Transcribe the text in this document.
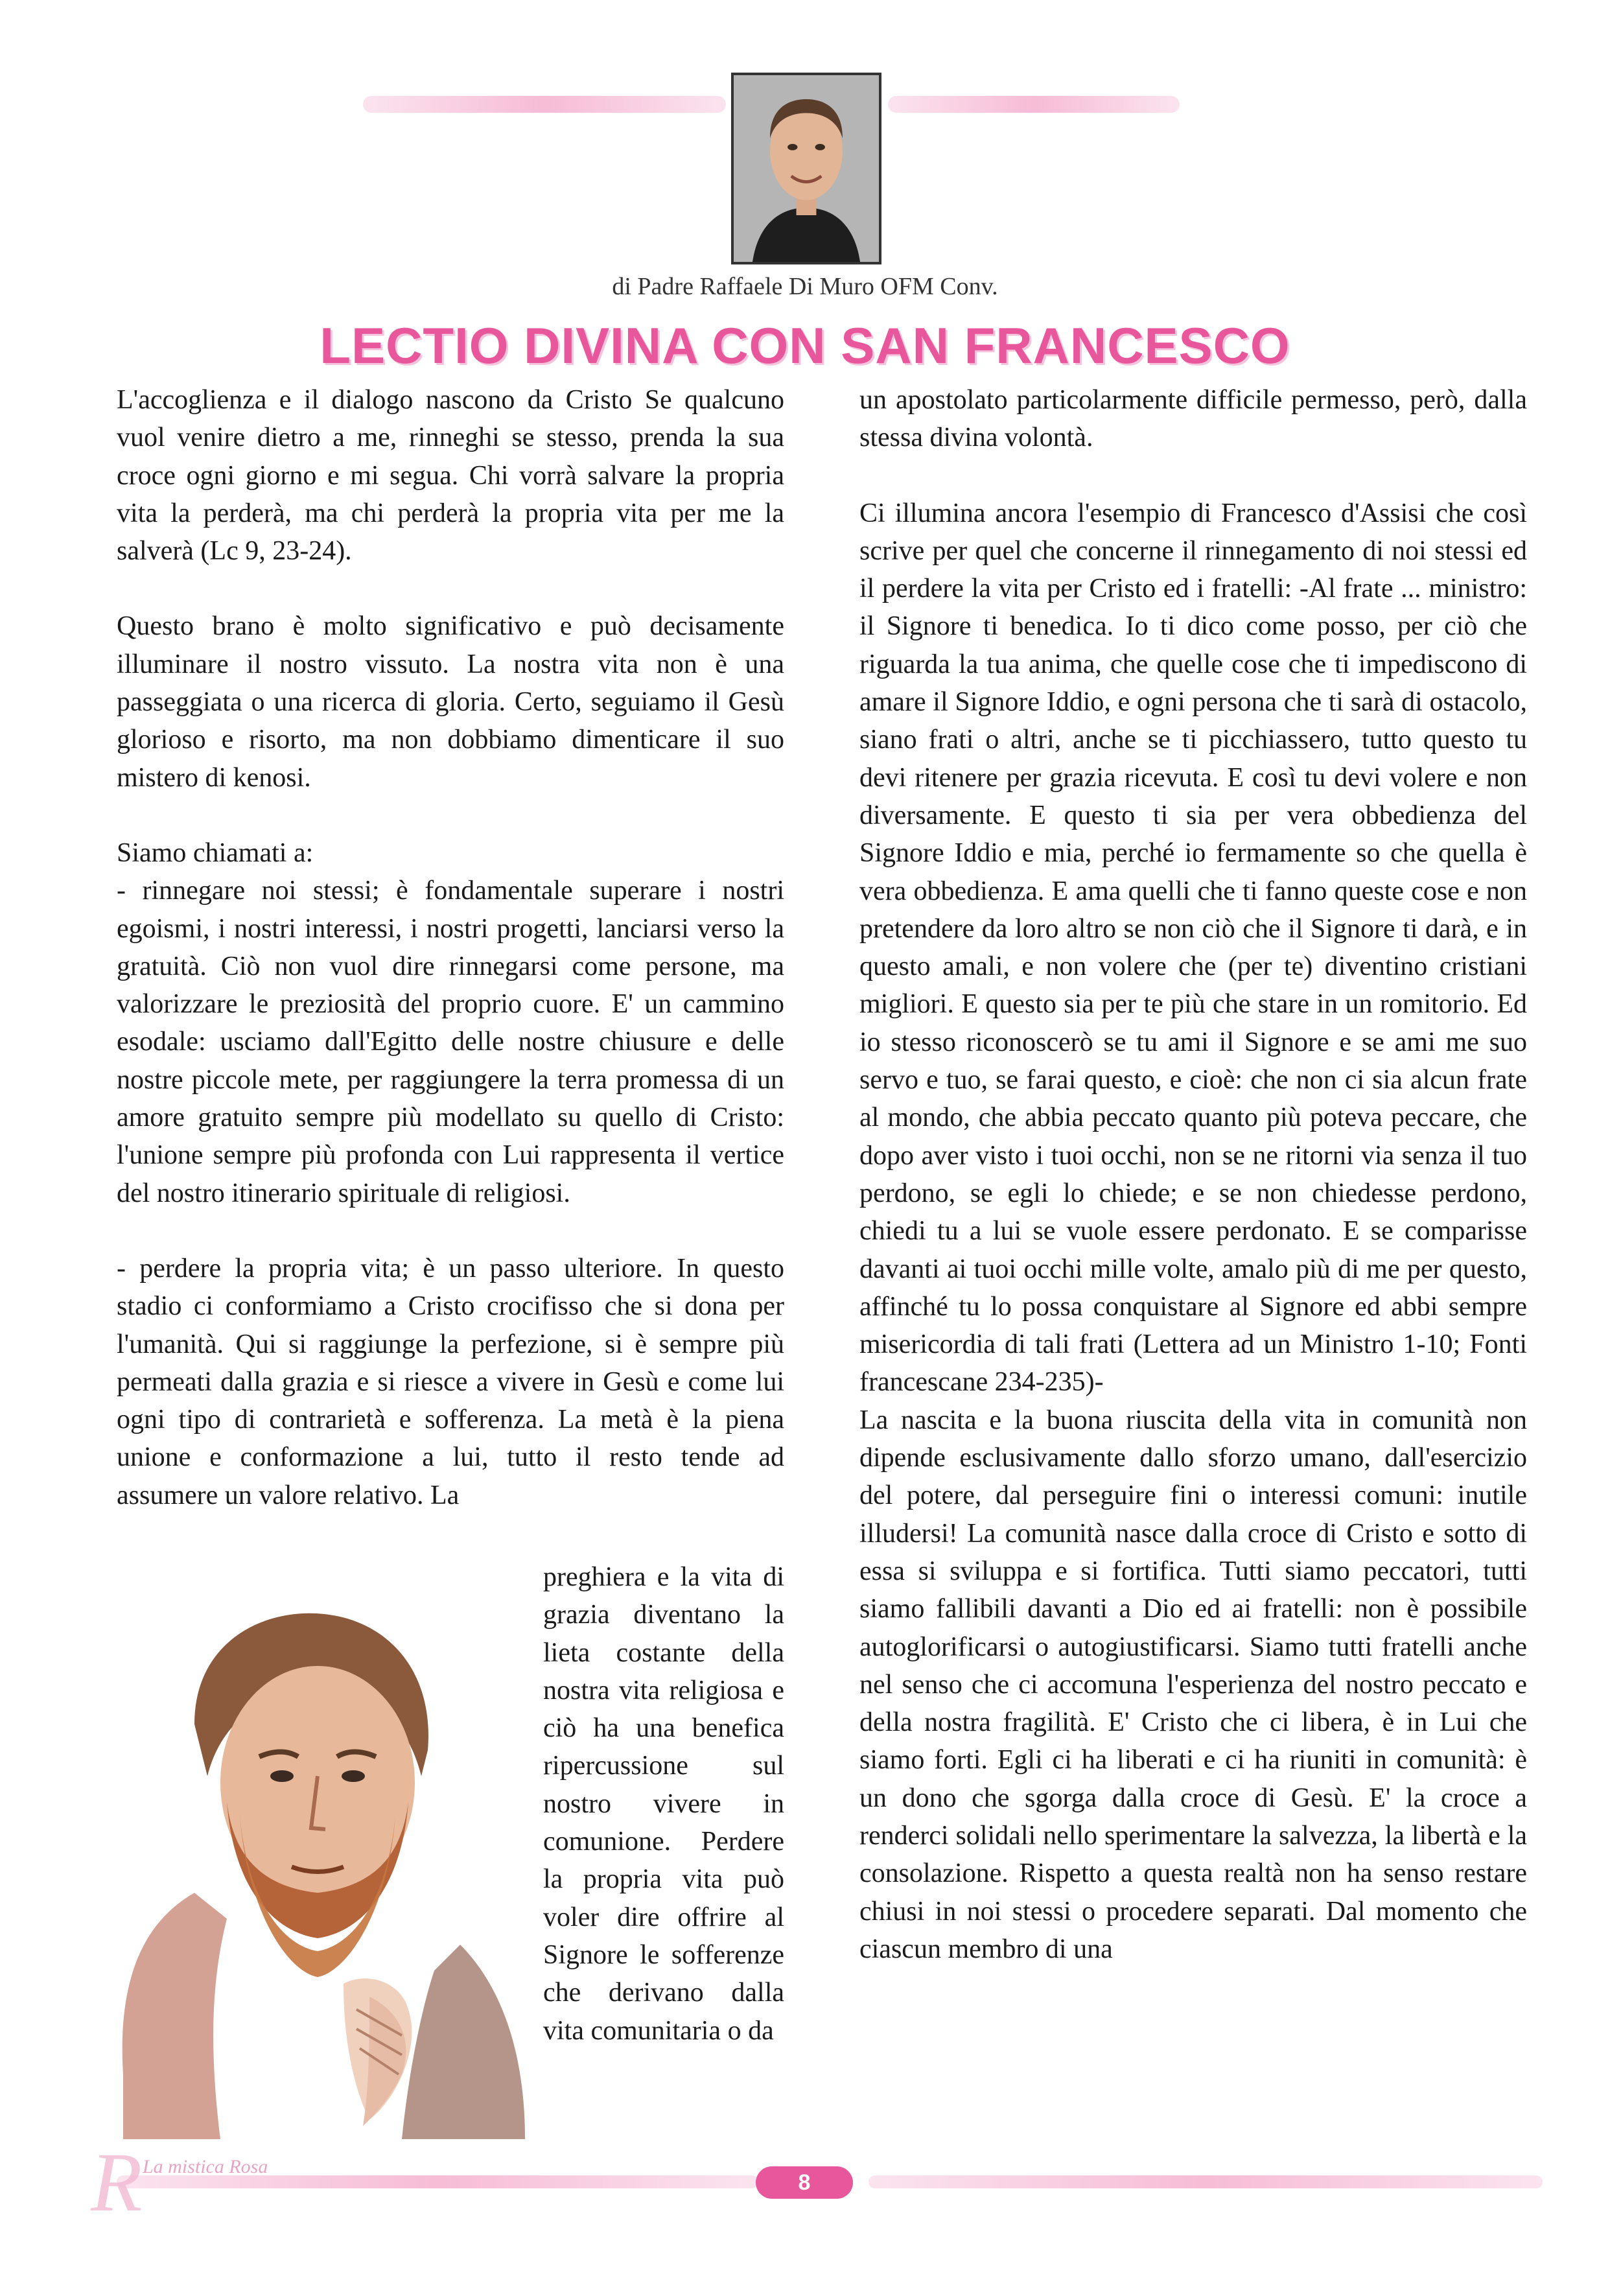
di Padre Raffaele Di Muro OFM Conv.
LECTIO DIVINA CON SAN FRANCESCO

L'accoglienza e il dialogo nascono da Cristo Se qualcuno vuol venire dietro a me, rinneghi se stesso, prenda la sua croce ogni giorno e mi segua. Chi vorrà salvare la propria vita la perderà, ma chi perderà la propria vita per me la salverà (Lc 9, 23-24).

Questo brano è molto significativo e può decisamente illuminare il nostro vissuto. La nostra vita non è una passeggiata o una ricerca di gloria. Certo, seguiamo il Gesù glorioso e risorto, ma non dobbiamo dimenticare il suo mistero di kenosi.

Siamo chiamati a:

- rinnegare noi stessi; è fondamentale superare i nostri egoismi, i nostri interessi, i nostri progetti, lanciarsi verso la gratuità. Ciò non vuol dire rinnegarsi come persone, ma valorizzare le preziosità del proprio cuore. E' un cammino esodale: usciamo dall'Egitto delle nostre chiusure e delle nostre piccole mete, per raggiungere la terra promessa di un amore gratuito sempre più modellato su quello di Cristo: l'unione sempre più profonda con Lui rappresenta il vertice del nostro itinerario spirituale di religiosi.

- perdere la propria vita; è un passo ulteriore. In questo stadio ci conformiamo a Cristo crocifisso che si dona per l'umanità. Qui si raggiunge la perfezione, si è sempre più permeati dalla grazia e si riesce a vivere in Gesù e come lui ogni tipo di contrarietà e sofferenza. La metà è la piena unione e conformazione a lui, tutto il resto tende ad assumere un valore relativo. La

preghiera e la vita di grazia diventano la lieta costante della nostra vita religiosa e ciò ha una benefica ripercussione sul nostro vivere in comunione. Perdere la propria vita può voler dire offrire al Signore le sofferenze che derivano dalla vita comunitaria o da

un apostolato particolarmente difficile permesso, però, dalla stessa divina volontà.

Ci illumina ancora l'esempio di Francesco d'Assisi che così scrive per quel che concerne il rinnegamento di noi stessi ed il perdere la vita per Cristo ed i fratelli: -Al frate ... ministro: il Signore ti benedica. Io ti dico come posso, per ciò che riguarda la tua anima, che quelle cose che ti impediscono di amare il Signore Iddio, e ogni persona che ti sarà di ostacolo, siano frati o altri, anche se ti picchiassero, tutto questo tu devi ritenere per grazia ricevuta. E così tu devi volere e non diversamente. E questo ti sia per vera obbedienza del Signore Iddio e mia, perché io fermamente so che quella è vera obbedienza. E ama quelli che ti fanno queste cose e non pretendere da loro altro se non ciò che il Signore ti darà, e in questo amali, e non volere che (per te) diventino cristiani migliori. E questo sia per te più che stare in un romitorio. Ed io stesso riconoscerò se tu ami il Signore e se ami me suo servo e tuo, se farai questo, e cioè: che non ci sia alcun frate al mondo, che abbia peccato quanto più poteva peccare, che dopo aver visto i tuoi occhi, non se ne ritorni via senza il tuo perdono, se egli lo chiede; e se non chiedesse perdono, chiedi tu a lui se vuole essere perdonato. E se comparisse davanti ai tuoi occhi mille volte, amalo più di me per questo, affinché tu lo possa conquistare al Signore ed abbi sempre misericordia di tali frati (Lettera ad un Ministro 1-10; Fonti francescane 234-235)-

La nascita e la buona riuscita della vita in comunità non dipende esclusivamente dallo sforzo umano, dall'esercizio del potere, dal perseguire fini o interessi comuni: inutile illudersi! La comunità nasce dalla croce di Cristo e sotto di essa si sviluppa e si fortifica. Tutti siamo peccatori, tutti siamo fallibili davanti a Dio ed ai fratelli: non è possibile autoglorificarsi o autogiustificarsi. Siamo tutti fratelli anche nel senso che ci accomuna l'esperienza del nostro peccato e della nostra fragilità. E' Cristo che ci libera, è in Lui che siamo forti. Egli ci ha liberati e ci ha riuniti in comunità: è un dono che sgorga dalla croce di Gesù. E' la croce a renderci solidali nello sperimentare la salvezza, la libertà e la consolazione. Rispetto a questa realtà non ha senso restare chiusi in noi stessi o procedere separati. Dal momento che ciascun membro di una

R La mistica Rosa
8
